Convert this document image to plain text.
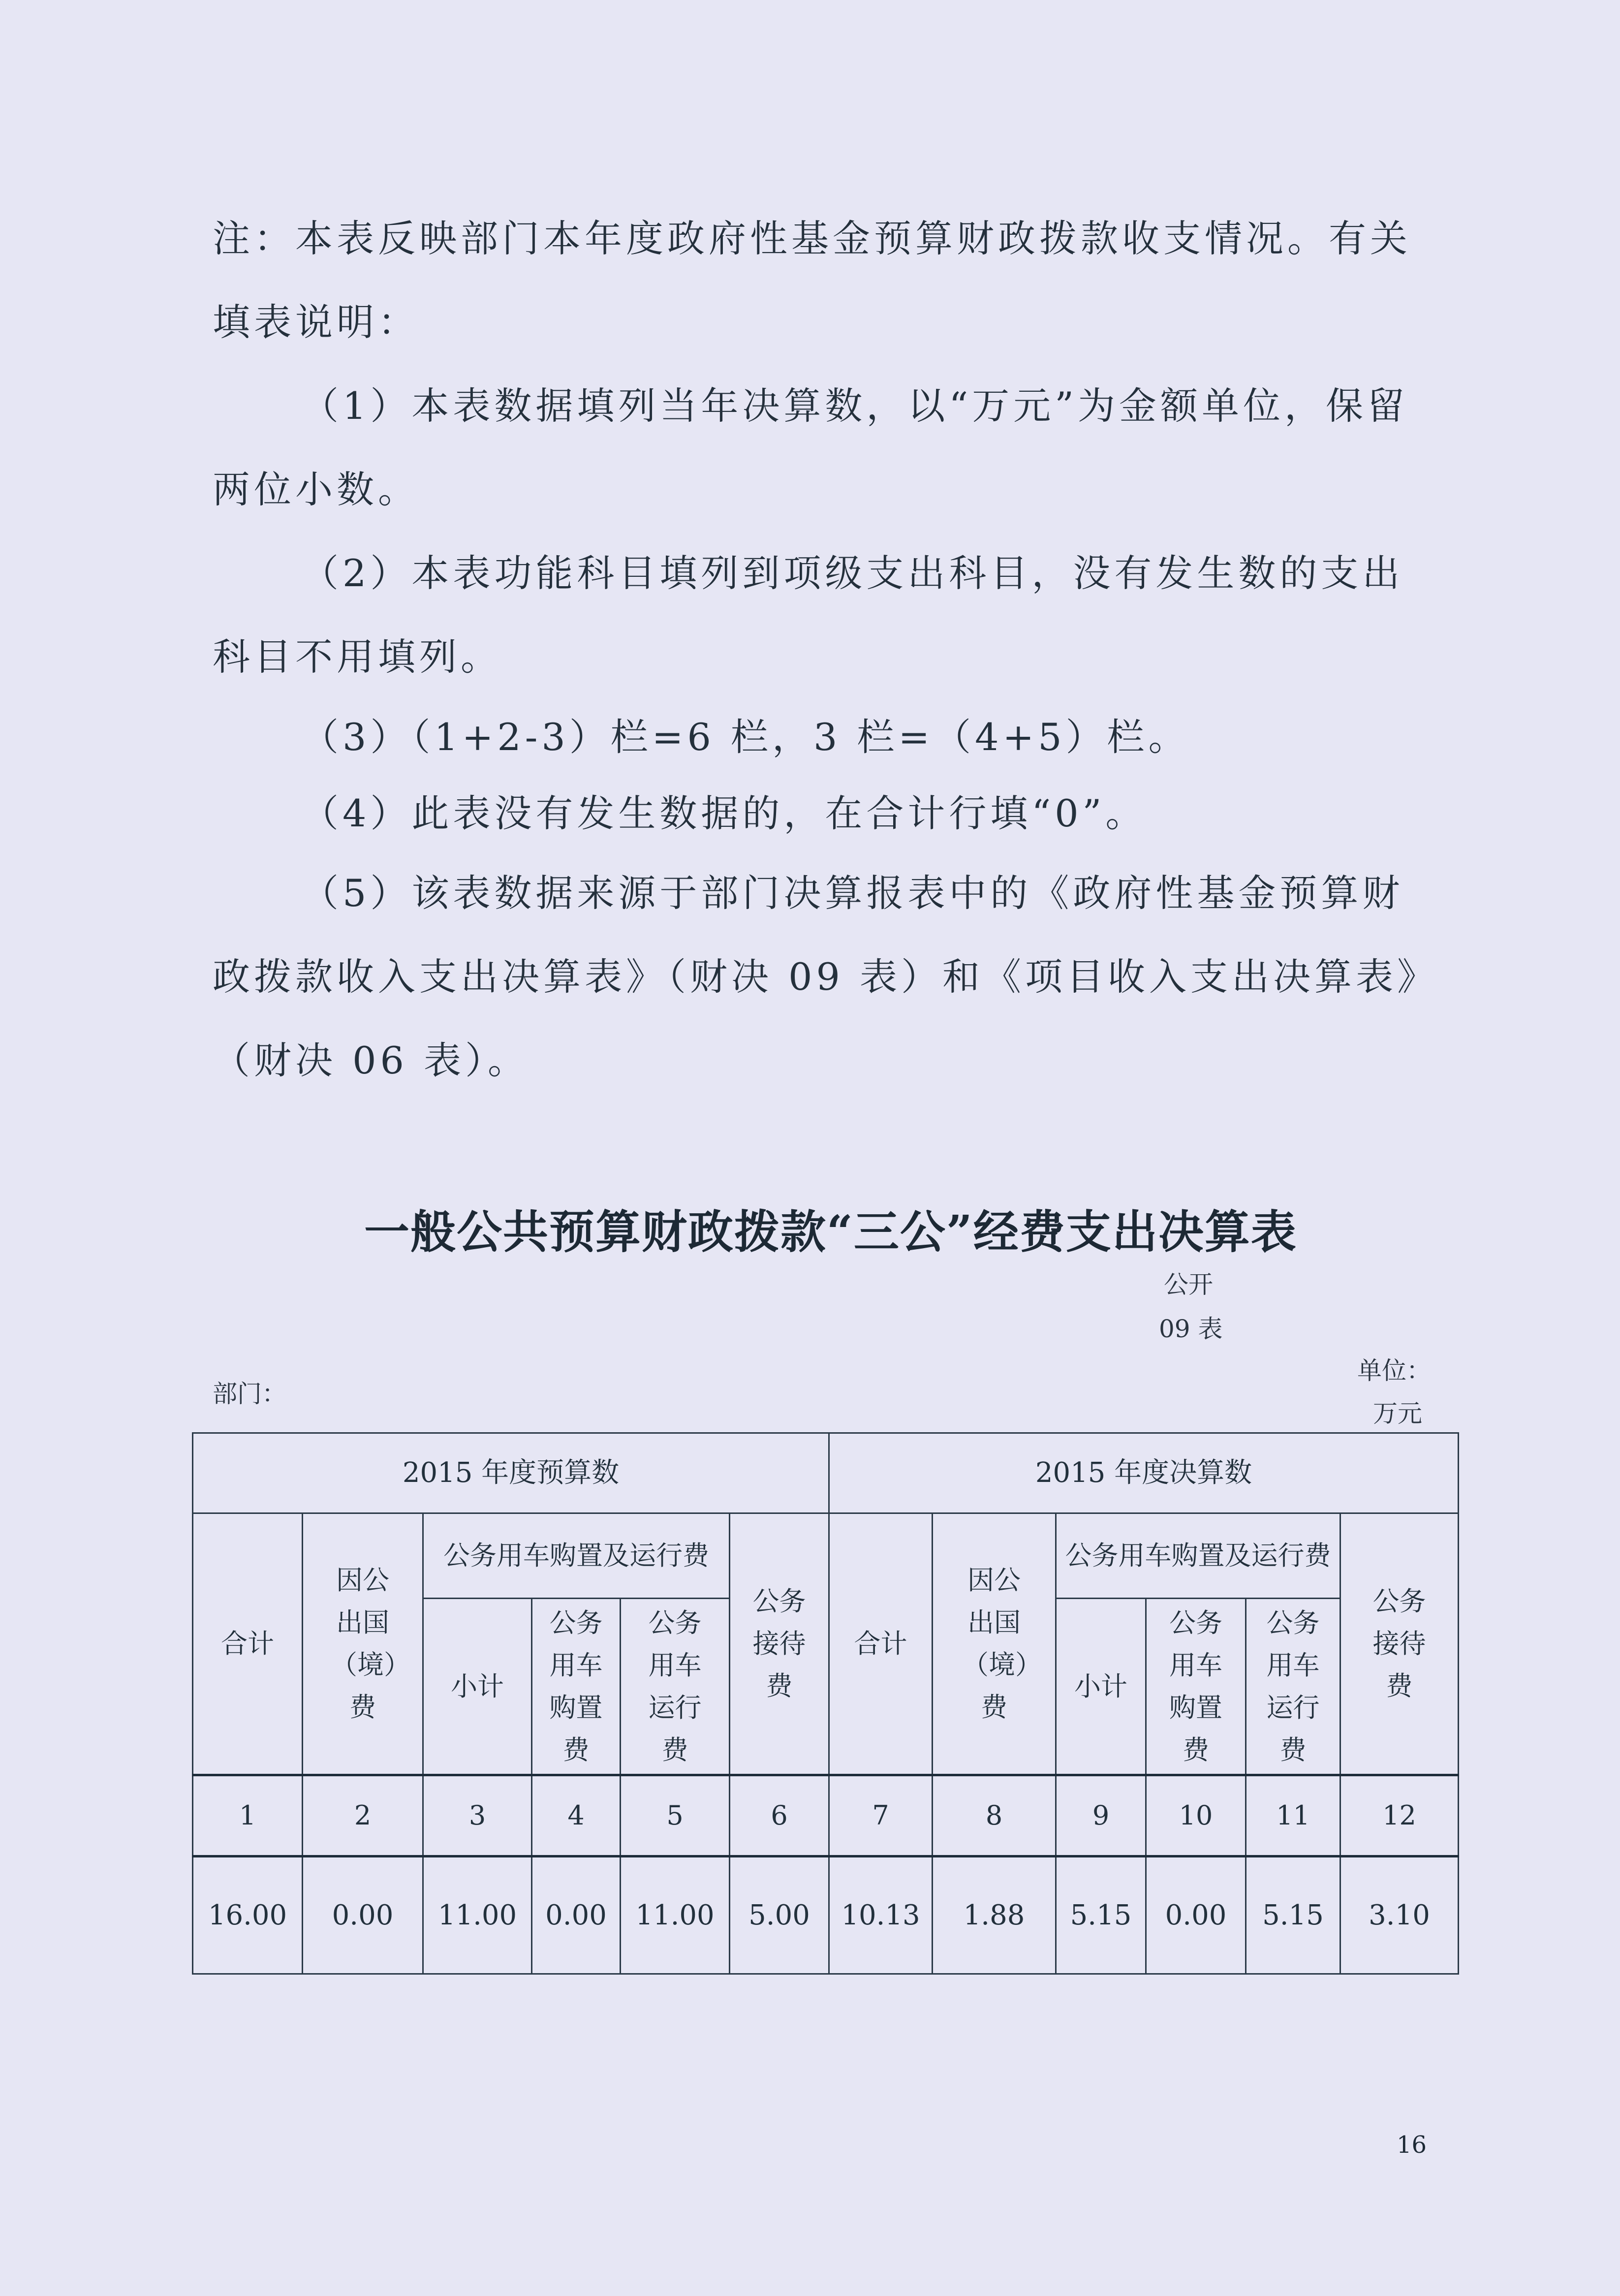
注：本表反映部门本年度政府性基金预算财政拨款收支情况。有关填表说明：

（1）本表数据填列当年决算数，以“万元”为金额单位，保留两位小数。

（2）本表功能科目填列到项级支出科目，没有发生数的支出科目不用填列。

（3）（1+2-3）栏=6 栏，3 栏=（4+5）栏。

（4）此表没有发生数据的，在合计行填“0”。

（5）该表数据来源于部门决算报表中的《政府性基金预算财政拨款收入支出决算表》（财决 09 表）和《项目收入支出决算表》（财决 06 表）。

一般公共预算财政拨款“三公”经费支出决算表
公开
09 表
单位：
万元
部门：
2015 年度预算数						2015 年度决算数					
合计	因公出国（境）费	公务用车购置及运行费			公务接待费	合计	因公出国（境）费	公务用车购置及运行费			公务接待费
		小计	公务用车购置费	公务用车运行费				小计	公务用车购置费	公务用车运行费	
1	2	3	4	5	6	7	8	9	10	11	12
16.00	0.00	11.00	0.00	11.00	5.00	10.13	1.88	5.15	0.00	5.15	3.10
16
